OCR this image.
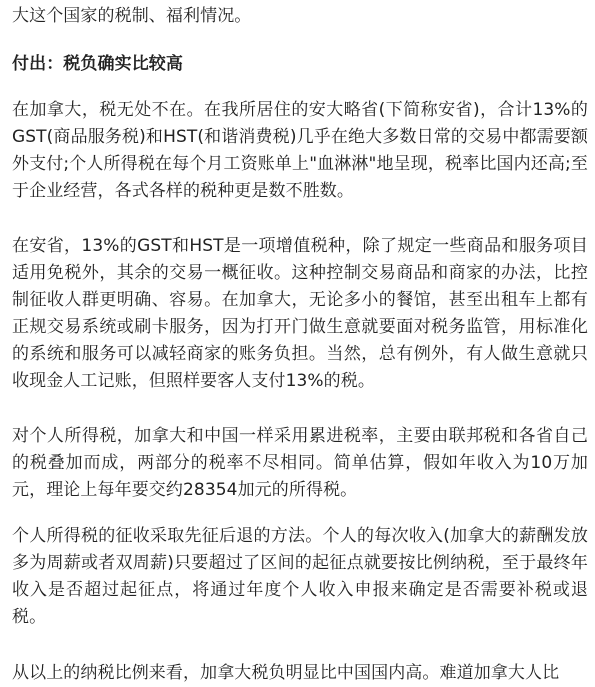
大这个国家的税制、福利情况。

付出：税负确实比较高

在加拿大，税无处不在。在我所居住的安大略省(下简称安省)，合计13%的GST(商品服务税)和HST(和谐消费税)几乎在绝大多数日常的交易中都需要额外支付;个人所得税在每个月工资账单上"血淋淋"地呈现，税率比国内还高;至于企业经营，各式各样的税种更是数不胜数。

在安省，13%的GST和HST是一项增值税种，除了规定一些商品和服务项目适用免税外，其余的交易一概征收。这种控制交易商品和商家的办法，比控制征收人群更明确、容易。在加拿大，无论多小的餐馆，甚至出租车上都有正规交易系统或刷卡服务，因为打开门做生意就要面对税务监管，用标准化的系统和服务可以减轻商家的账务负担。当然，总有例外，有人做生意就只收现金人工记账，但照样要客人支付13%的税。

对个人所得税，加拿大和中国一样采用累进税率，主要由联邦税和各省自己的税叠加而成，两部分的税率不尽相同。简单估算，假如年收入为10万加元，理论上每年要交约28354加元的所得税。

个人所得税的征收采取先征后退的方法。个人的每次收入(加拿大的薪酬发放多为周薪或者双周薪)只要超过了区间的起征点就要按比例纳税，至于最终年收入是否超过起征点，将通过年度个人收入申报来确定是否需要补税或退税。

从以上的纳税比例来看，加拿大税负明显比中国国内高。难道加拿大人比
